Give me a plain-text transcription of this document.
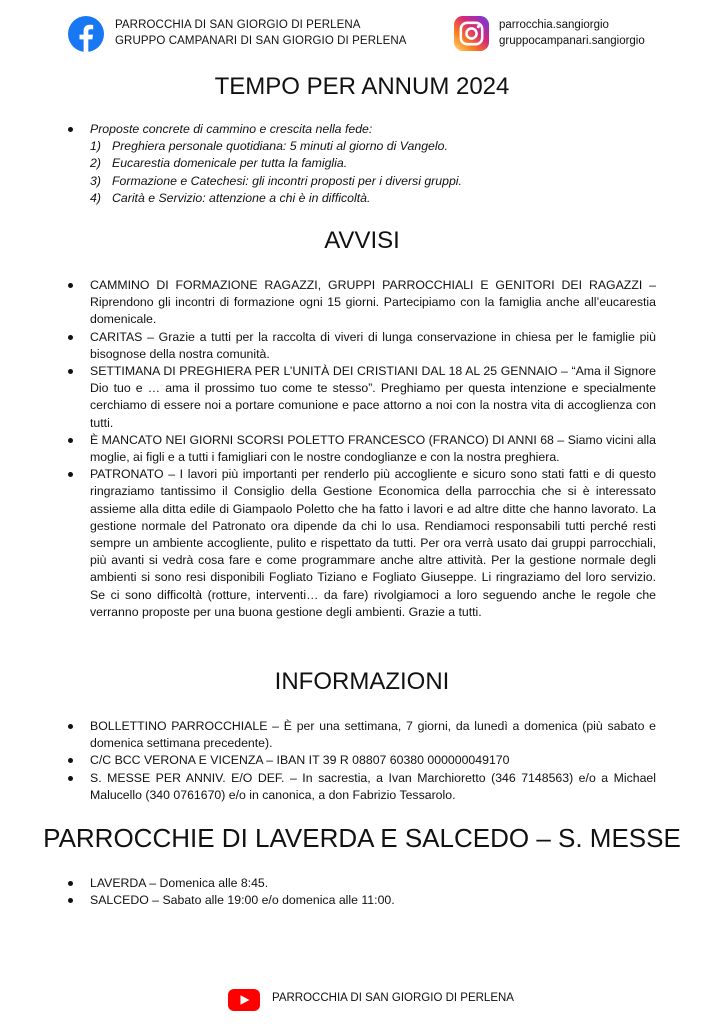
PARROCCHIA DI SAN GIORGIO DI PERLENA
GRUPPO CAMPANARI DI SAN GIORGIO DI PERLENA
parrocchia.sangiorgio
gruppocampanari.sangiorgio
TEMPO PER ANNUM 2024
Proposte concrete di cammino e crescita nella fede:
1) Preghiera personale quotidiana: 5 minuti al giorno di Vangelo.
2) Eucarestia domenicale per tutta la famiglia.
3) Formazione e Catechesi: gli incontri proposti per i diversi gruppi.
4) Carità e Servizio: attenzione a chi è in difficoltà.
AVVISI
CAMMINO DI FORMAZIONE RAGAZZI, GRUPPI PARROCCHIALI E GENITORI DEI RAGAZZI – Riprendono gli incontri di formazione ogni 15 giorni. Partecipiamo con la famiglia anche all’eucarestia domenicale.
CARITAS – Grazie a tutti per la raccolta di viveri di lunga conservazione in chiesa per le famiglie più bisognose della nostra comunità.
SETTIMANA DI PREGHIERA PER L’UNITÀ DEI CRISTIANI DAL 18 AL 25 GENNAIO – “Ama il Signore Dio tuo e … ama il prossimo tuo come te stesso”. Preghiamo per questa intenzione e specialmente cerchiamo di essere noi a portare comunione e pace attorno a noi con la nostra vita di accoglienza con tutti.
È MANCATO NEI GIORNI SCORSI POLETTO FRANCESCO (FRANCO) DI ANNI 68 – Siamo vicini alla moglie, ai figli e a tutti i famigliari con le nostre condoglianze e con la nostra preghiera.
PATRONATO – I lavori più importanti per renderlo più accogliente e sicuro sono stati fatti e di questo ringraziamo tantissimo il Consiglio della Gestione Economica della parrocchia che si è interessato assieme alla ditta edile di Giampaolo Poletto che ha fatto i lavori e ad altre ditte che hanno lavorato. La gestione normale del Patronato ora dipende da chi lo usa. Rendiamoci responsabili tutti perché resti sempre un ambiente accogliente, pulito e rispettato da tutti. Per ora verrà usato dai gruppi parrocchiali, più avanti si vedrà cosa fare e come programmare anche altre attività. Per la gestione normale degli ambienti si sono resi disponibili Fogliato Tiziano e Fogliato Giuseppe. Li ringraziamo del loro servizio. Se ci sono difficoltà (rotture, interventi… da fare) rivolgiamoci a loro seguendo anche le regole che verranno proposte per una buona gestione degli ambienti. Grazie a tutti.
INFORMAZIONI
BOLLETTINO PARROCCHIALE – È per una settimana, 7 giorni, da lunedì a domenica (più sabato e domenica settimana precedente).
C/C BCC VERONA E VICENZA – IBAN IT 39 R 08807 60380 000000049170
S. MESSE PER ANNIV. E/O DEF. – In sacrestia, a Ivan Marchioretto (346 7148563) e/o a Michael Malucello (340 0761670) e/o in canonica, a don Fabrizio Tessarolo.
PARROCCHIE DI LAVERDA E SALCEDO – S. MESSE
LAVERDA – Domenica alle 8:45.
SALCEDO – Sabato alle 19:00 e/o domenica alle 11:00.
PARROCCHIA DI SAN GIORGIO DI PERLENA
